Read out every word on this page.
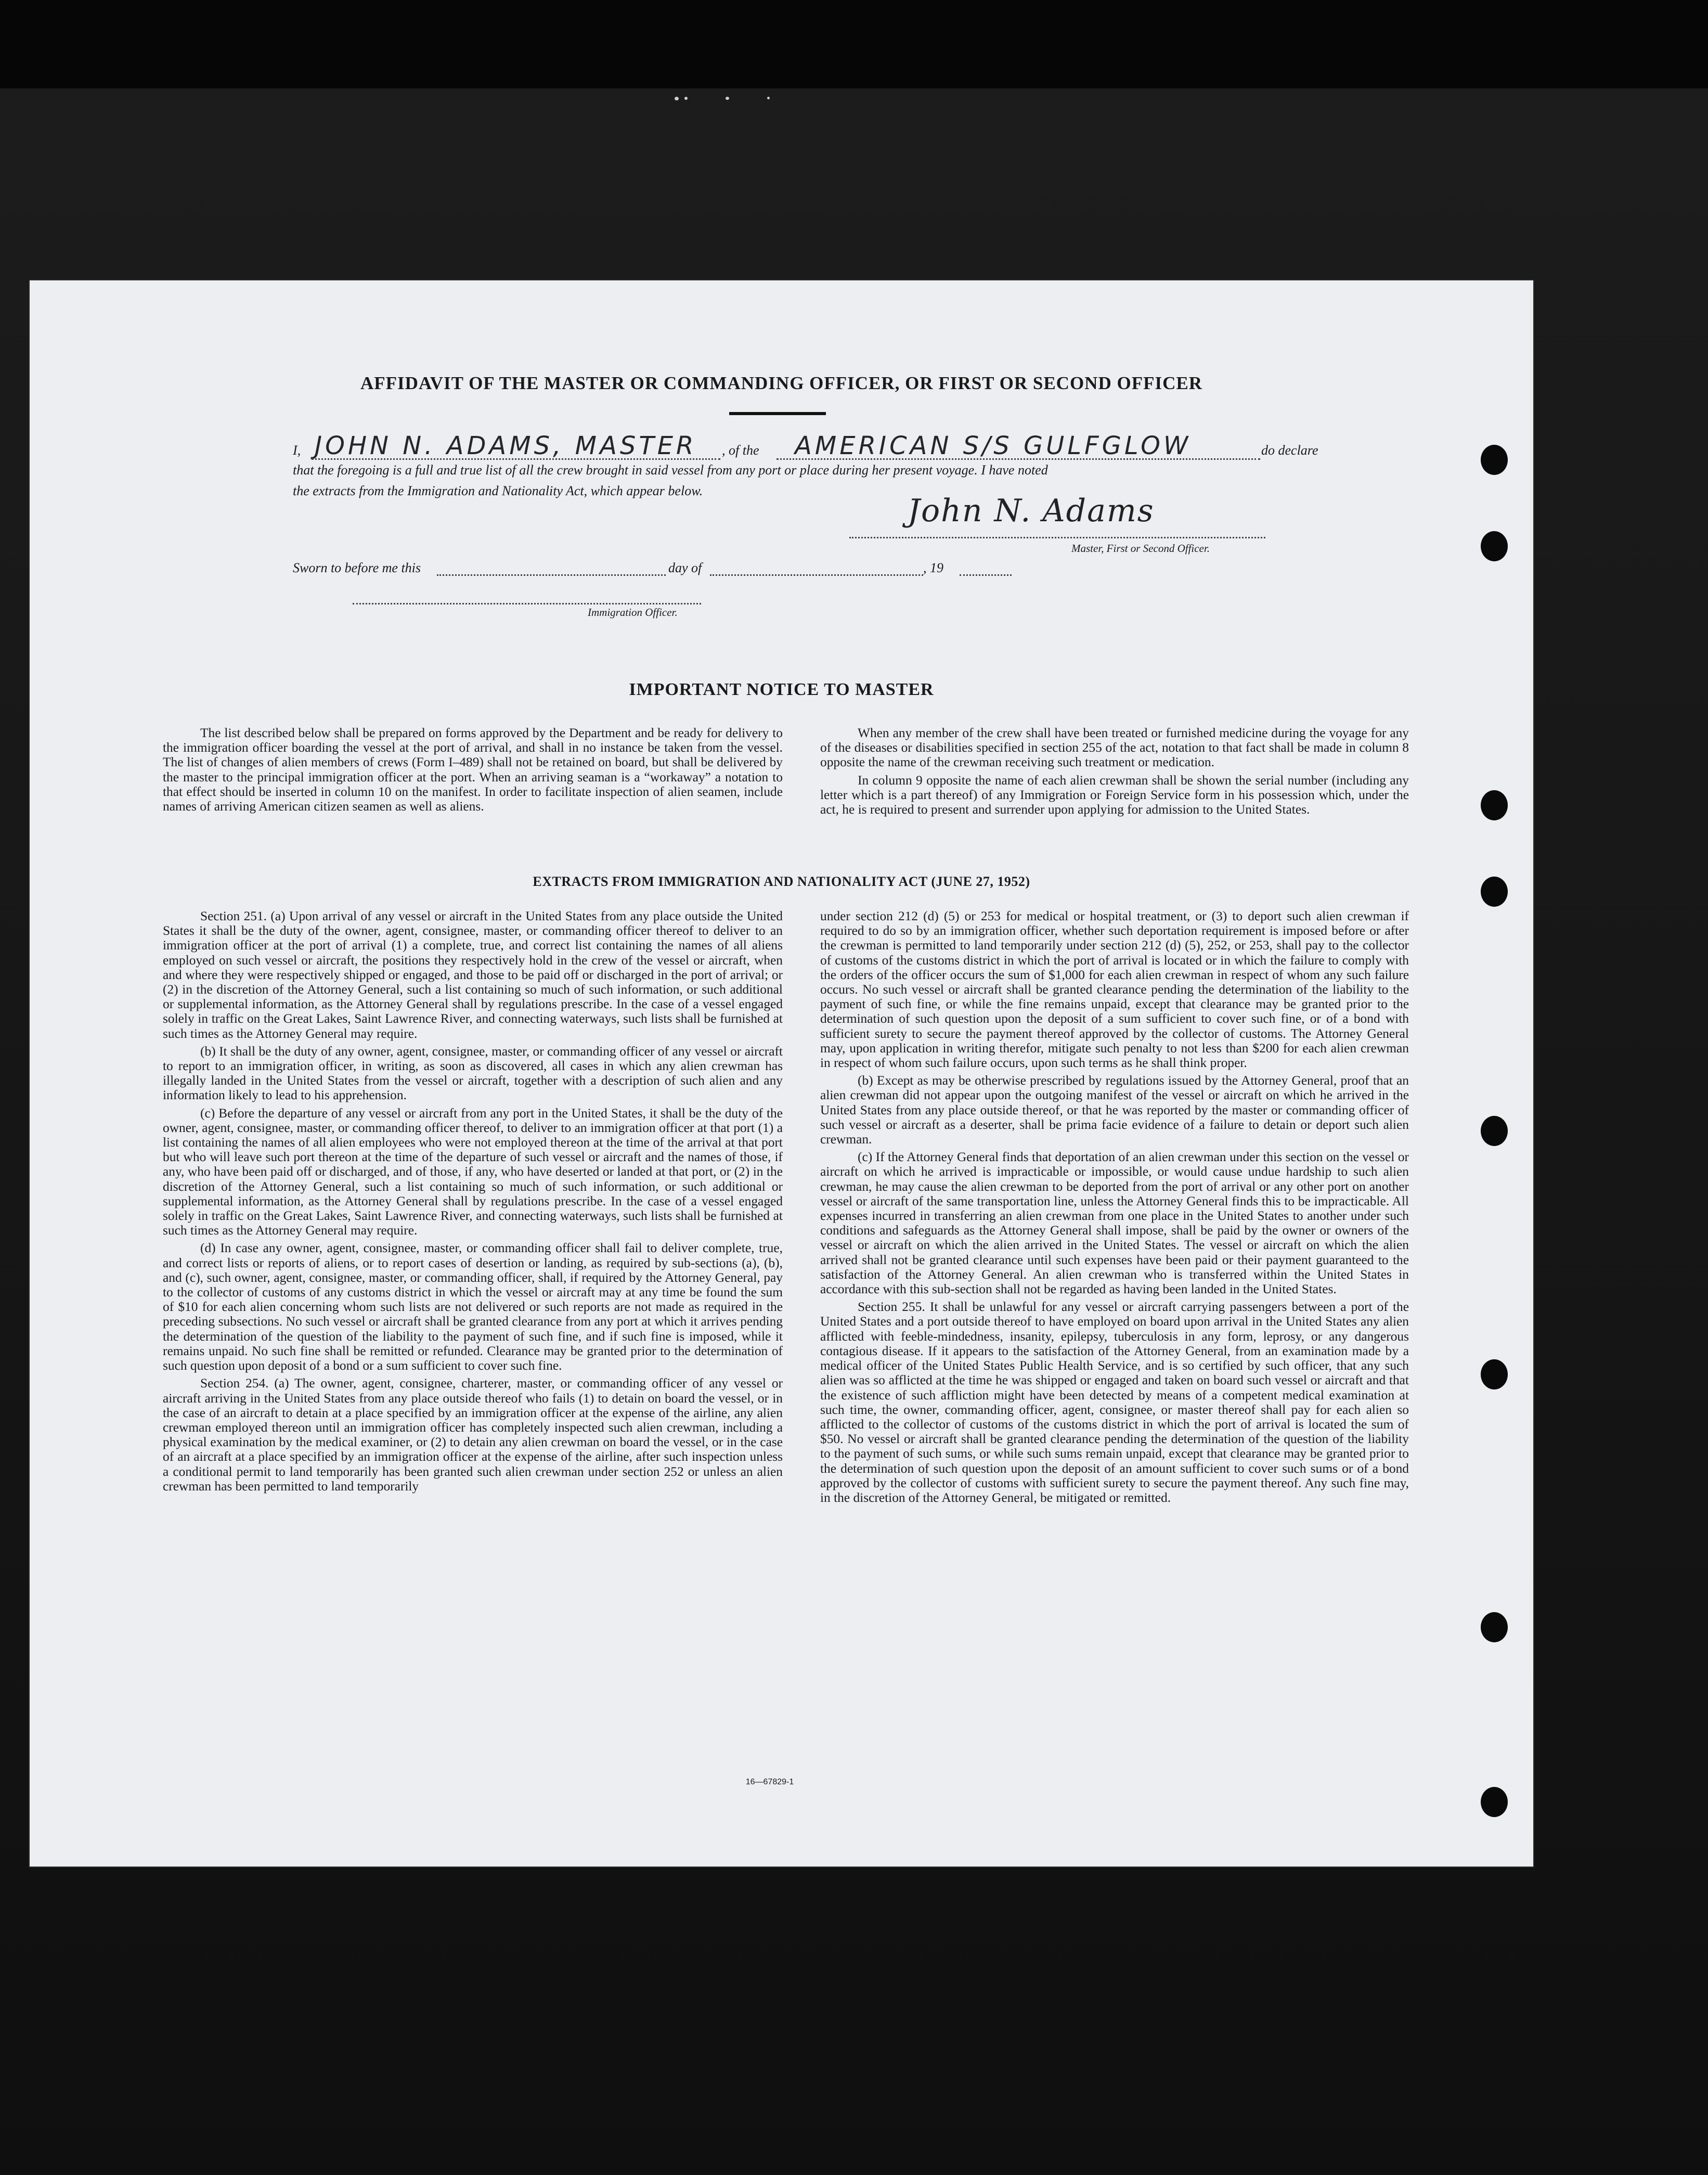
AFFIDAVIT OF THE MASTER OR COMMANDING OFFICER, OR FIRST OR SECOND OFFICER
I, JOHN N. ADAMS, MASTER , of the AMERICAN S/S GULFGLOW	do declare
that the foregoing is a full and true list of all the crew brought in said vessel from any port or place during her present voyage. I have noted
the extracts from the Immigration and Nationality Act, which appear below.
John N. Adams
Master, First or Second Officer.
Sworn to before me this	day of	, 19
Immigration Officer.
IMPORTANT NOTICE TO MASTER

The list described below shall be prepared on forms approved by the Department and be ready for delivery to the immigration officer boarding the vessel at the port of arrival, and shall in no instance be taken from the vessel. The list of changes of alien members of crews (Form I–489) shall not be retained on board, but shall be delivered by the master to the principal immigration officer at the port. When an arriving seaman is a “workaway” a notation to that effect should be inserted in column 10 on the manifest. In order to facilitate inspection of alien seamen, include names of arriving American citizen seamen as well as aliens.

When any member of the crew shall have been treated or furnished medicine during the voyage for any of the diseases or disabilities specified in section 255 of the act, notation to that fact shall be made in column 8 opposite the name of the crewman receiving such treatment or medication.

In column 9 opposite the name of each alien crewman shall be shown the serial number (including any letter which is a part thereof) of any Immigration or Foreign Service form in his possession which, under the act, he is required to present and surrender upon applying for admission to the United States.

EXTRACTS FROM IMMIGRATION AND NATIONALITY ACT (JUNE 27, 1952)

Section 251. (a) Upon arrival of any vessel or aircraft in the United States from any place outside the United States it shall be the duty of the owner, agent, consignee, master, or commanding officer thereof to deliver to an immigration officer at the port of arrival (1) a complete, true, and correct list containing the names of all aliens employed on such vessel or aircraft, the positions they respectively hold in the crew of the vessel or aircraft, when and where they were respectively shipped or engaged, and those to be paid off or discharged in the port of arrival; or (2) in the discretion of the Attorney General, such a list containing so much of such information, or such additional or supplemental information, as the Attorney General shall by regulations prescribe. In the case of a vessel engaged solely in traffic on the Great Lakes, Saint Lawrence River, and connecting waterways, such lists shall be furnished at such times as the Attorney General may require.

(b) It shall be the duty of any owner, agent, consignee, master, or commanding officer of any vessel or aircraft to report to an immigration officer, in writing, as soon as discovered, all cases in which any alien crewman has illegally landed in the United States from the vessel or aircraft, together with a description of such alien and any information likely to lead to his apprehension.

(c) Before the departure of any vessel or aircraft from any port in the United States, it shall be the duty of the owner, agent, consignee, master, or commanding officer thereof, to deliver to an immigration officer at that port (1) a list containing the names of all alien employees who were not employed thereon at the time of the arrival at that port but who will leave such port thereon at the time of the departure of such vessel or aircraft and the names of those, if any, who have been paid off or discharged, and of those, if any, who have deserted or landed at that port, or (2) in the discretion of the Attorney General, such a list containing so much of such information, or such additional or supplemental information, as the Attorney General shall by regulations prescribe. In the case of a vessel engaged solely in traffic on the Great Lakes, Saint Lawrence River, and connecting waterways, such lists shall be furnished at such times as the Attorney General may require.

(d) In case any owner, agent, consignee, master, or commanding officer shall fail to deliver complete, true, and correct lists or reports of aliens, or to report cases of desertion or landing, as required by sub-sections (a), (b), and (c), such owner, agent, consignee, master, or commanding officer, shall, if required by the Attorney General, pay to the collector of customs of any customs district in which the vessel or aircraft may at any time be found the sum of $10 for each alien concerning whom such lists are not delivered or such reports are not made as required in the preceding subsections. No such vessel or aircraft shall be granted clearance from any port at which it arrives pending the determination of the question of the liability to the payment of such fine, and if such fine is imposed, while it remains unpaid. No such fine shall be remitted or refunded. Clearance may be granted prior to the determination of such question upon deposit of a bond or a sum sufficient to cover such fine.

Section 254. (a) The owner, agent, consignee, charterer, master, or commanding officer of any vessel or aircraft arriving in the United States from any place outside thereof who fails (1) to detain on board the vessel, or in the case of an aircraft to detain at a place specified by an immigration officer at the expense of the airline, any alien crewman employed thereon until an immigration officer has completely inspected such alien crewman, including a physical examination by the medical examiner, or (2) to detain any alien crewman on board the vessel, or in the case of an aircraft at a place specified by an immigration officer at the expense of the airline, after such inspection unless a conditional permit to land temporarily has been granted such alien crewman under section 252 or unless an alien crewman has been permitted to land temporarily

under section 212 (d) (5) or 253 for medical or hospital treatment, or (3) to deport such alien crewman if required to do so by an immigration officer, whether such deportation requirement is imposed before or after the crewman is permitted to land temporarily under section 212 (d) (5), 252, or 253, shall pay to the collector of customs of the customs district in which the port of arrival is located or in which the failure to comply with the orders of the officer occurs the sum of $1,000 for each alien crewman in respect of whom any such failure occurs. No such vessel or aircraft shall be granted clearance pending the determination of the liability to the payment of such fine, or while the fine remains unpaid, except that clearance may be granted prior to the determination of such question upon the deposit of a sum sufficient to cover such fine, or of a bond with sufficient surety to secure the payment thereof approved by the collector of customs. The Attorney General may, upon application in writing therefor, mitigate such penalty to not less than $200 for each alien crewman in respect of whom such failure occurs, upon such terms as he shall think proper.

(b) Except as may be otherwise prescribed by regulations issued by the Attorney General, proof that an alien crewman did not appear upon the outgoing manifest of the vessel or aircraft on which he arrived in the United States from any place outside thereof, or that he was reported by the master or commanding officer of such vessel or aircraft as a deserter, shall be prima facie evidence of a failure to detain or deport such alien crewman.

(c) If the Attorney General finds that deportation of an alien crewman under this section on the vessel or aircraft on which he arrived is impracticable or impossible, or would cause undue hardship to such alien crewman, he may cause the alien crewman to be deported from the port of arrival or any other port on another vessel or aircraft of the same transportation line, unless the Attorney General finds this to be impracticable. All expenses incurred in transferring an alien crewman from one place in the United States to another under such conditions and safeguards as the Attorney General shall impose, shall be paid by the owner or owners of the vessel or aircraft on which the alien arrived in the United States. The vessel or aircraft on which the alien arrived shall not be granted clearance until such expenses have been paid or their payment guaranteed to the satisfaction of the Attorney General. An alien crewman who is transferred within the United States in accordance with this sub-section shall not be regarded as having been landed in the United States.

Section 255. It shall be unlawful for any vessel or aircraft carrying passengers between a port of the United States and a port outside thereof to have employed on board upon arrival in the United States any alien afflicted with feeble-mindedness, insanity, epilepsy, tuberculosis in any form, leprosy, or any dangerous contagious disease. If it appears to the satisfaction of the Attorney General, from an examination made by a medical officer of the United States Public Health Service, and is so certified by such officer, that any such alien was so afflicted at the time he was shipped or engaged and taken on board such vessel or aircraft and that the existence of such affliction might have been detected by means of a competent medical examination at such time, the owner, commanding officer, agent, consignee, or master thereof shall pay for each alien so afflicted to the collector of customs of the customs district in which the port of arrival is located the sum of $50. No vessel or aircraft shall be granted clearance pending the determination of the question of the liability to the payment of such sums, or while such sums remain unpaid, except that clearance may be granted prior to the determination of such question upon the deposit of an amount sufficient to cover such sums or of a bond approved by the collector of customs with sufficient surety to secure the payment thereof. Any such fine may, in the discretion of the Attorney General, be mitigated or remitted.

16—67829-1
